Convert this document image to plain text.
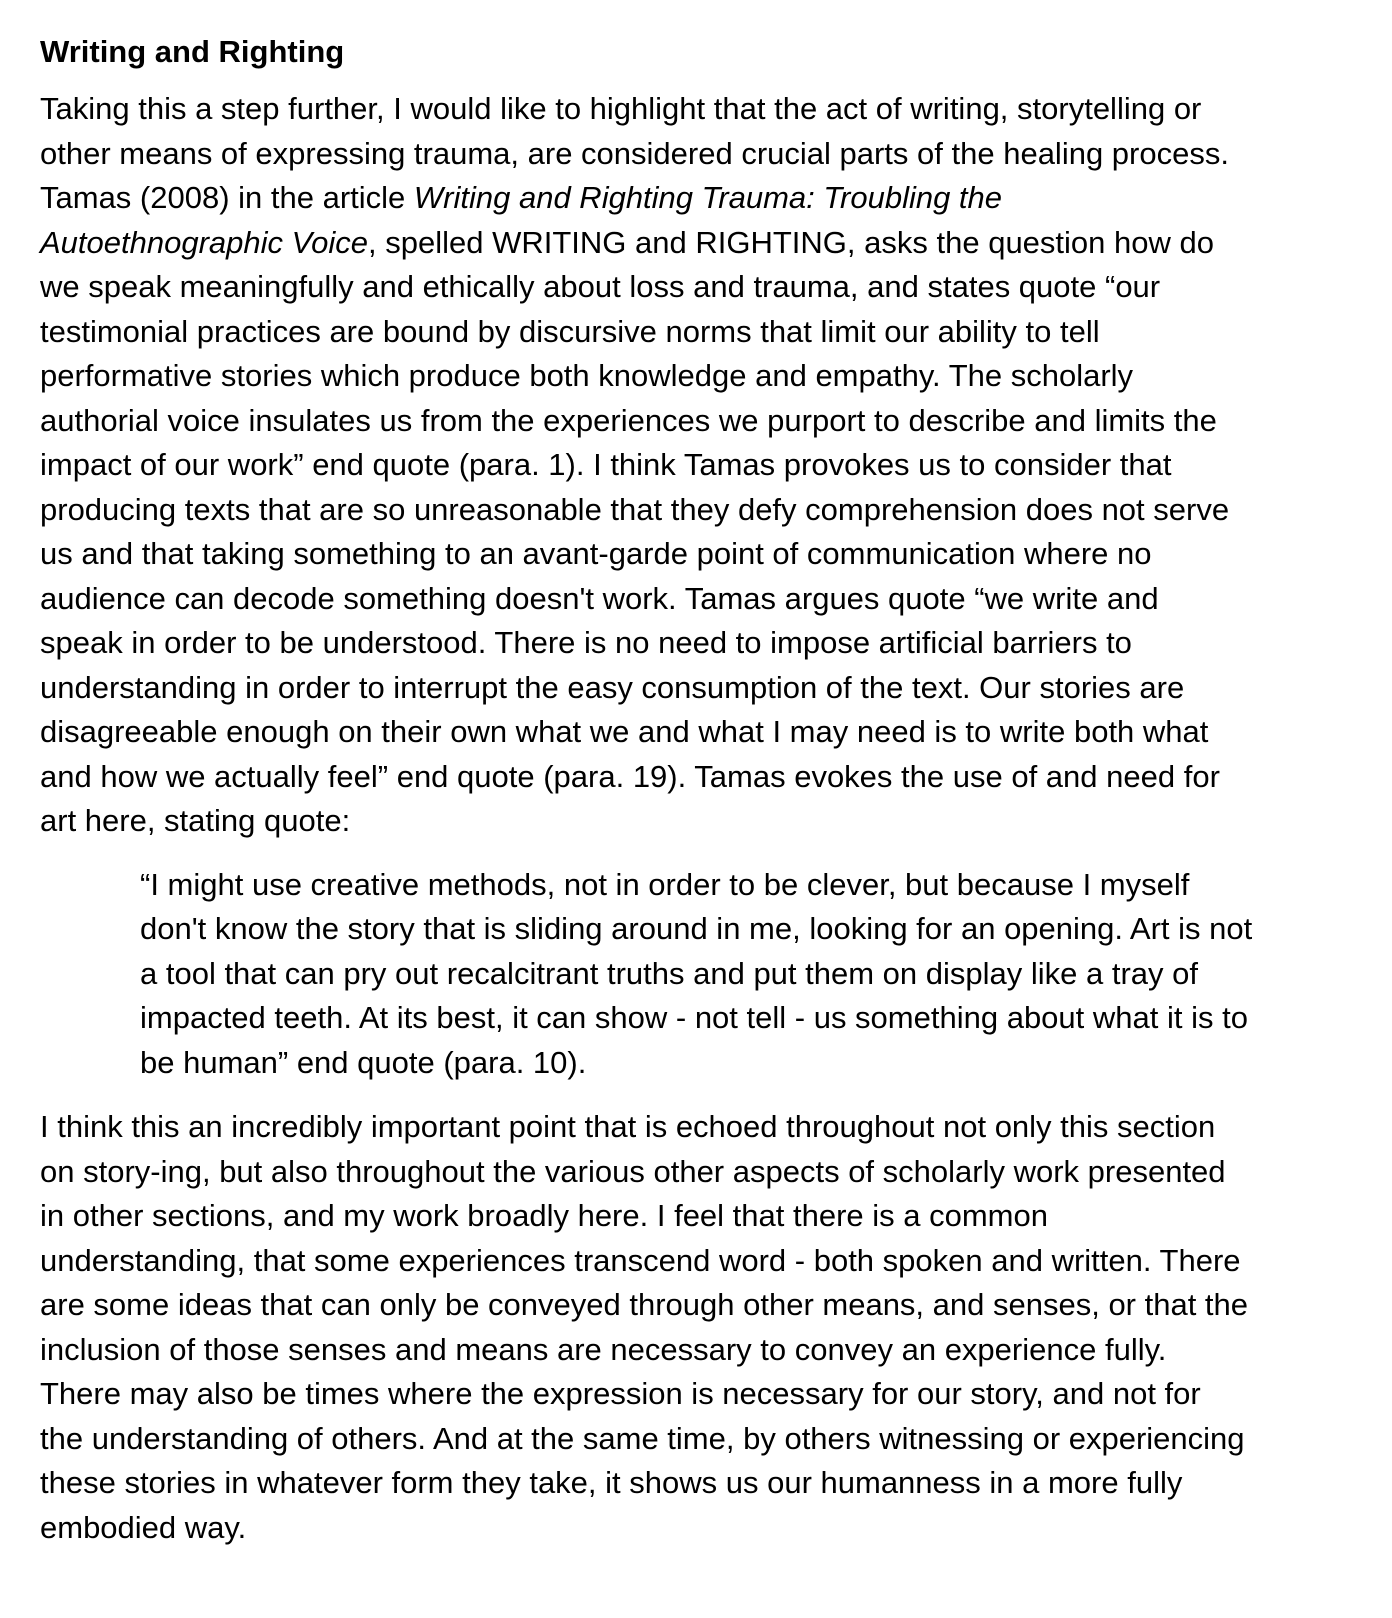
Writing and Righting

Taking this a step further, I would like to highlight that the act of writing, storytelling or
other means of expressing trauma, are considered crucial parts of the healing process.
Tamas (2008) in the article Writing and Righting Trauma: Troubling the
Autoethnographic Voice, spelled WRITING and RIGHTING, asks the question how do
we speak meaningfully and ethically about loss and trauma, and states quote “our
testimonial practices are bound by discursive norms that limit our ability to tell
performative stories which produce both knowledge and empathy. The scholarly
authorial voice insulates us from the experiences we purport to describe and limits the
impact of our work” end quote (para. 1). I think Tamas provokes us to consider that
producing texts that are so unreasonable that they defy comprehension does not serve
us and that taking something to an avant-garde point of communication where no
audience can decode something doesn't work. Tamas argues quote “we write and
speak in order to be understood. There is no need to impose artificial barriers to
understanding in order to interrupt the easy consumption of the text. Our stories are
disagreeable enough on their own what we and what I may need is to write both what
and how we actually feel” end quote (para. 19). Tamas evokes the use of and need for
art here, stating quote:

“I might use creative methods, not in order to be clever, but because I myself
don't know the story that is sliding around in me, looking for an opening. Art is not
a tool that can pry out recalcitrant truths and put them on display like a tray of
impacted teeth. At its best, it can show - not tell - us something about what it is to
be human” end quote (para. 10).

I think this an incredibly important point that is echoed throughout not only this section
on story-ing, but also throughout the various other aspects of scholarly work presented
in other sections, and my work broadly here. I feel that there is a common
understanding, that some experiences transcend word - both spoken and written. There
are some ideas that can only be conveyed through other means, and senses, or that the
inclusion of those senses and means are necessary to convey an experience fully.
There may also be times where the expression is necessary for our story, and not for
the understanding of others. And at the same time, by others witnessing or experiencing
these stories in whatever form they take, it shows us our humanness in a more fully
embodied way.
